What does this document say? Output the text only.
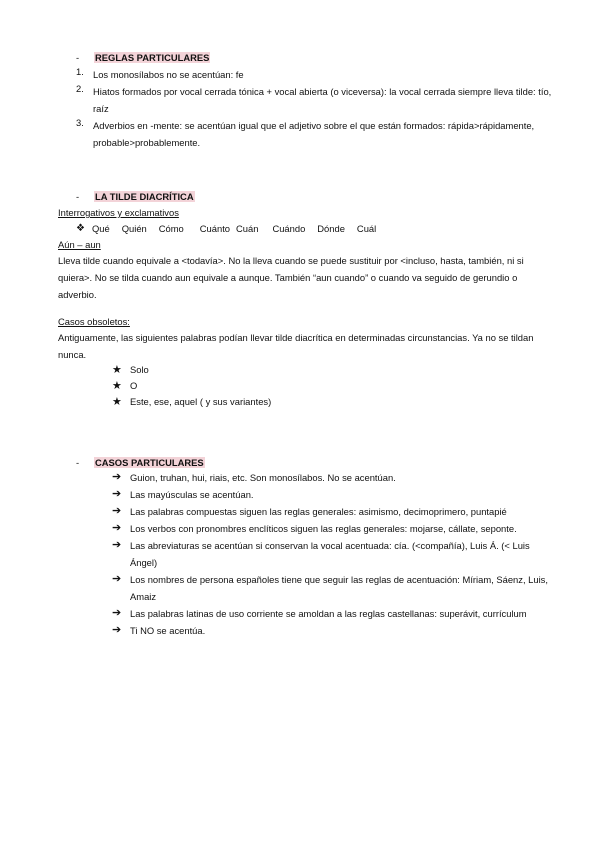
-	REGLAS PARTICULARES
1. Los monosílabos no se acentúan: fe
2. Hiatos formados por vocal cerrada tónica + vocal abierta (o viceversa): la vocal cerrada siempre lleva tilde: tío, raíz
3. Adverbios en -mente: se acentúan igual que el adjetivo sobre el que están formados: rápida>rápidamente, probable>probablemente.
-	LA TILDE DIACRÍTICA
Interrogativos y exclamativos
❖ Qué Quién Cómo Cuánto Cuán Cuándo Dónde Cuál
Aún – aun
Lleva tilde cuando equivale a <todavía>. No la lleva cuando se puede sustituir por <incluso, hasta, también, ni si quiera>. No se tilda cuando aun equivale a aunque. También “aun cuando” o cuando va seguido de gerundio o adverbio.
Casos obsoletos:
Antiguamente, las siguientes palabras podían llevar tilde diacrítica en determinadas circunstancias. Ya no se tildan nunca.
★ Solo
★ O
★ Este, ese, aquel ( y sus variantes)
-	CASOS PARTICULARES
➔ Guion, truhan, hui, riais, etc. Son monosílabos. No se acentúan.
➔ Las mayúsculas se acentúan.
➔ Las palabras compuestas siguen las reglas generales: asimismo, decimoprimero, puntapié
➔ Los verbos con pronombres enclíticos siguen las reglas generales: mojarse, cállate, seponte.
➔ Las abreviaturas se acentúan si conservan la vocal acentuada: cía. (<compañía), Luis Á. (< Luis Ángel)
➔ Los nombres de persona españoles tiene que seguir las reglas de acentuación: Míriam, Sáenz, Luis, Amaiz
➔ Las palabras latinas de uso corriente se amoldan a las reglas castellanas: superávit, currículum
➔ Ti NO se acentúa.
